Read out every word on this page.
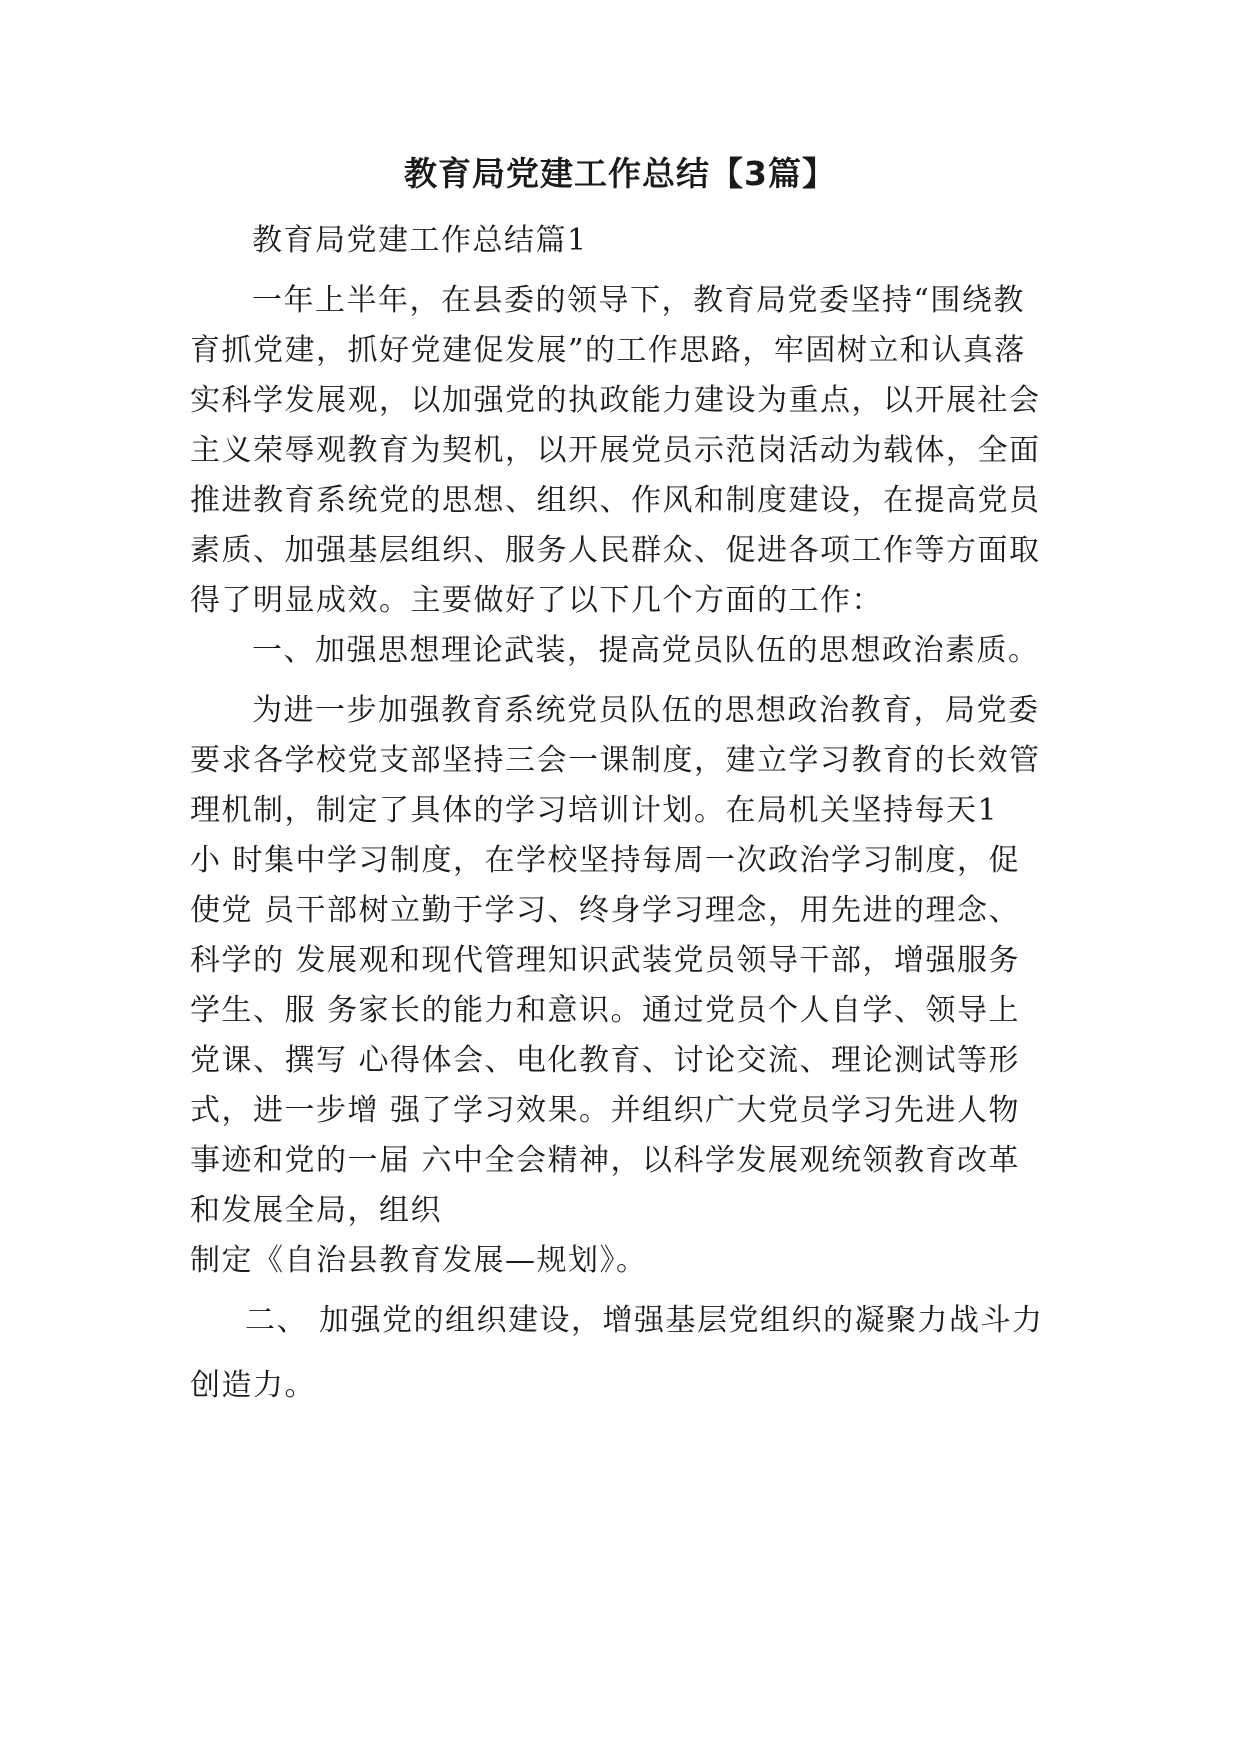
教育局党建工作总结【3篇】
教育局党建工作总结篇1
一年上半年，在县委的领导下，教育局党委坚持“围绕教
育抓党建，抓好党建促发展”的工作思路，牢固树立和认真落
实科学发展观，以加强党的执政能力建设为重点，以开展社会
主义荣辱观教育为契机，以开展党员示范岗活动为载体，全面
推进教育系统党的思想、组织、作风和制度建设，在提高党员
素质、加强基层组织、服务人民群众、促进各项工作等方面取
得了明显成效。主要做好了以下几个方面的工作：
一、加强思想理论武装，提高党员队伍的思想政治素质。
为进一步加强教育系统党员队伍的思想政治教育，局党委
要求各学校党支部坚持三会一课制度，建立学习教育的长效管
理机制，制定了具体的学习培训计划。在局机关坚持每天1
小 时集中学习制度，在学校坚持每周一次政治学习制度，促
使党 员干部树立勤于学习、终身学习理念，用先进的理念、
科学的 发展观和现代管理知识武装党员领导干部，增强服务
学生、服 务家长的能力和意识。通过党员个人自学、领导上
党课、撰写 心得体会、电化教育、讨论交流、理论测试等形
式，进一步增 强了学习效果。并组织广大党员学习先进人物
事迹和党的一届 六中全会精神，以科学发展观统领教育改革
和发展全局，组织
制定《自治县教育发展—规划》。
二、 加强党的组织建设，增强基层党组织的凝聚力战斗力
创造力。
